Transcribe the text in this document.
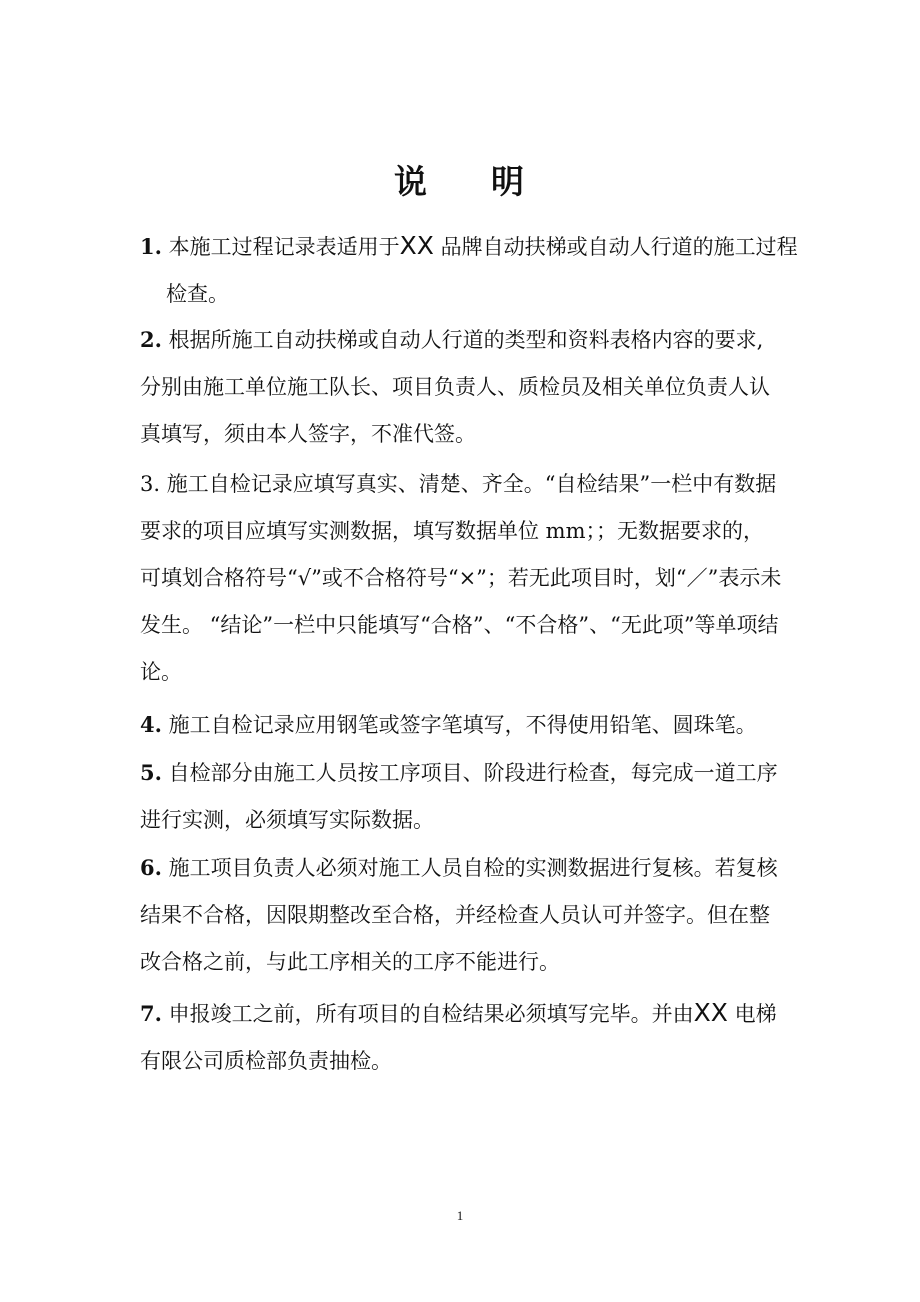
说 明

1. 本施工过程记录表适用于XX 品牌自动扶梯或自动人行道的施工过程检查。

2. 根据所施工自动扶梯或自动人行道的类型和资料表格内容的要求,分别由施工单位施工队长、项目负责人、质检员及相关单位负责人认真填写，须由本人签字，不准代签。

3. 施工自检记录应填写真实、清楚、齐全。“自检结果”一栏中有数据要求的项目应填写实测数据，填写数据单位 mm；；无数据要求的，可填划合格符号“√”或不合格符号“×”；若无此项目时，划“／”表示未发生。 “结论”一栏中只能填写“合格”、“不合格”、“无此项”等单项结论。

4. 施工自检记录应用钢笔或签字笔填写，不得使用铅笔、圆珠笔。

5. 自检部分由施工人员按工序项目、阶段进行检查，每完成一道工序进行实测，必须填写实际数据。

6. 施工项目负责人必须对施工人员自检的实测数据进行复核。若复核结果不合格，因限期整改至合格，并经检查人员认可并签字。但在整改合格之前，与此工序相关的工序不能进行。

7. 申报竣工之前，所有项目的自检结果必须填写完毕。并由XX 电梯有限公司质检部负责抽检。

1
